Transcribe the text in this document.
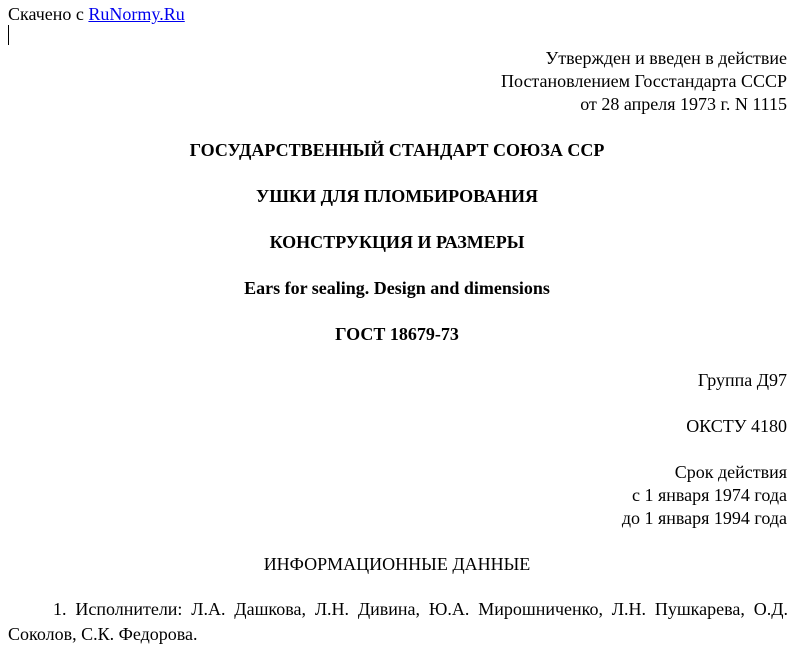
Скачено с RuNormy.Ru
Утвержден и введен в действие
Постановлением Госстандарта СССР
от 28 апреля 1973 г. N 1115
ГОСУДАРСТВЕННЫЙ СТАНДАРТ СОЮЗА ССР
УШКИ ДЛЯ ПЛОМБИРОВАНИЯ
КОНСТРУКЦИЯ И РАЗМЕРЫ
Ears for sealing. Design and dimensions
ГОСТ 18679-73
Группа Д97
ОКСТУ 4180
Срок действия
с 1 января 1974 года
до 1 января 1994 года
ИНФОРМАЦИОННЫЕ ДАННЫЕ
1. Исполнители: Л.А. Дашкова, Л.Н. Дивина, Ю.А. Мирошниченко, Л.Н. Пушкарева, О.Д. Соколов, С.К. Федорова.
